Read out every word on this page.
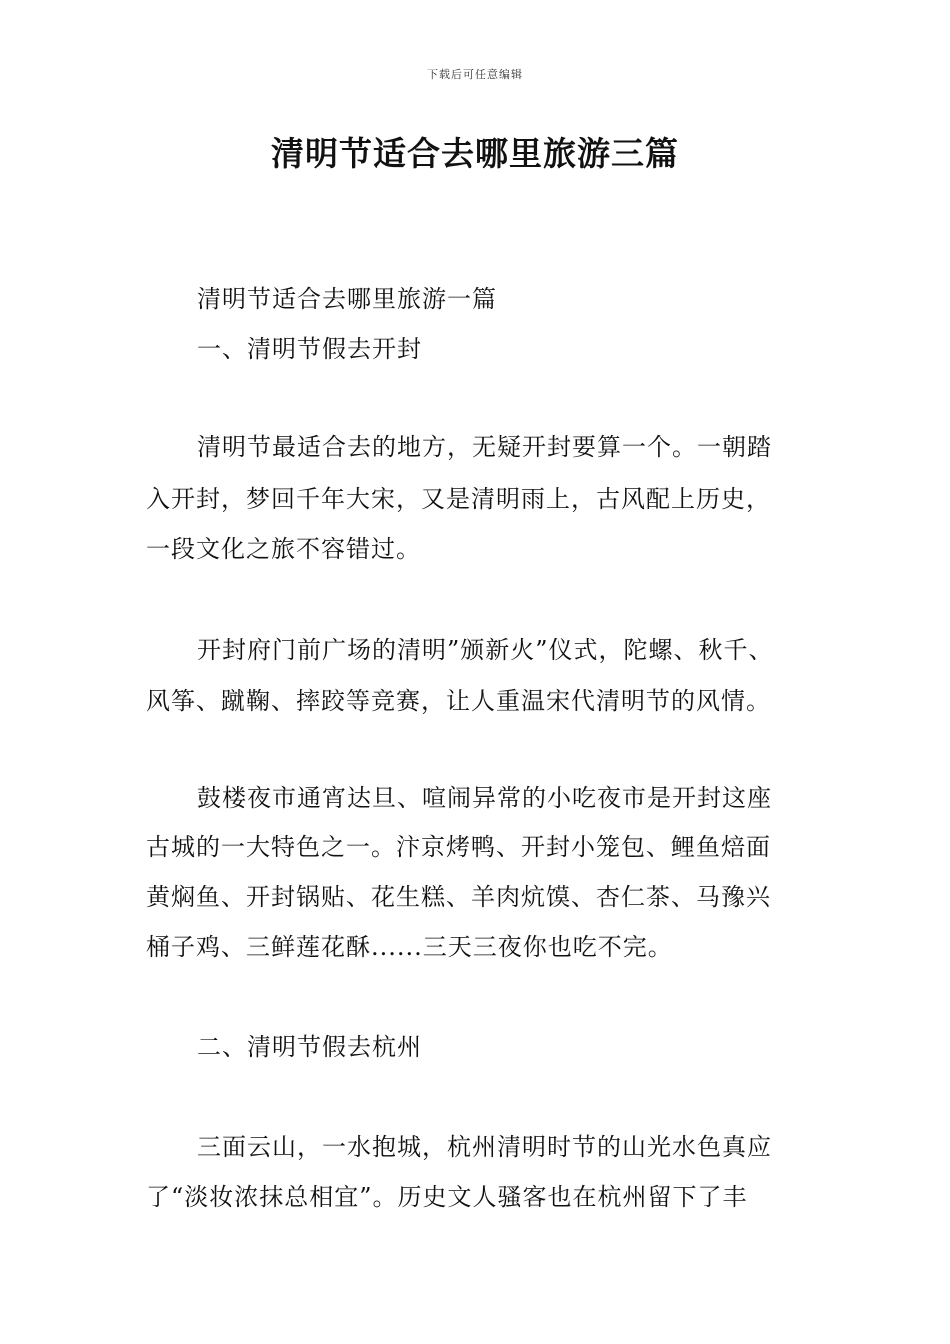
下载后可任意编辑
清明节适合去哪里旅游三篇
清明节适合去哪里旅游一篇
一、清明节假去开封
清明节最适合去的地方，无疑开封要算一个。一朝踏
入开封，梦回千年大宋，又是清明雨上，古风配上历史，
一段文化之旅不容错过。
开封府门前广场的清明”颁新火”仪式，陀螺、秋千、
风筝、蹴鞠、摔跤等竞赛，让人重温宋代清明节的风情。
鼓楼夜市通宵达旦、喧闹异常的小吃夜市是开封这座
古城的一大特色之一。汴京烤鸭、开封小笼包、鲤鱼焙面
黄焖鱼、开封锅贴、花生糕、羊肉炕馍、杏仁茶、马豫兴
桶子鸡、三鲜莲花酥......三天三夜你也吃不完。
二、清明节假去杭州
三面云山，一水抱城，杭州清明时节的山光水色真应
了“淡妆浓抹总相宜”。历史文人骚客也在杭州留下了丰
